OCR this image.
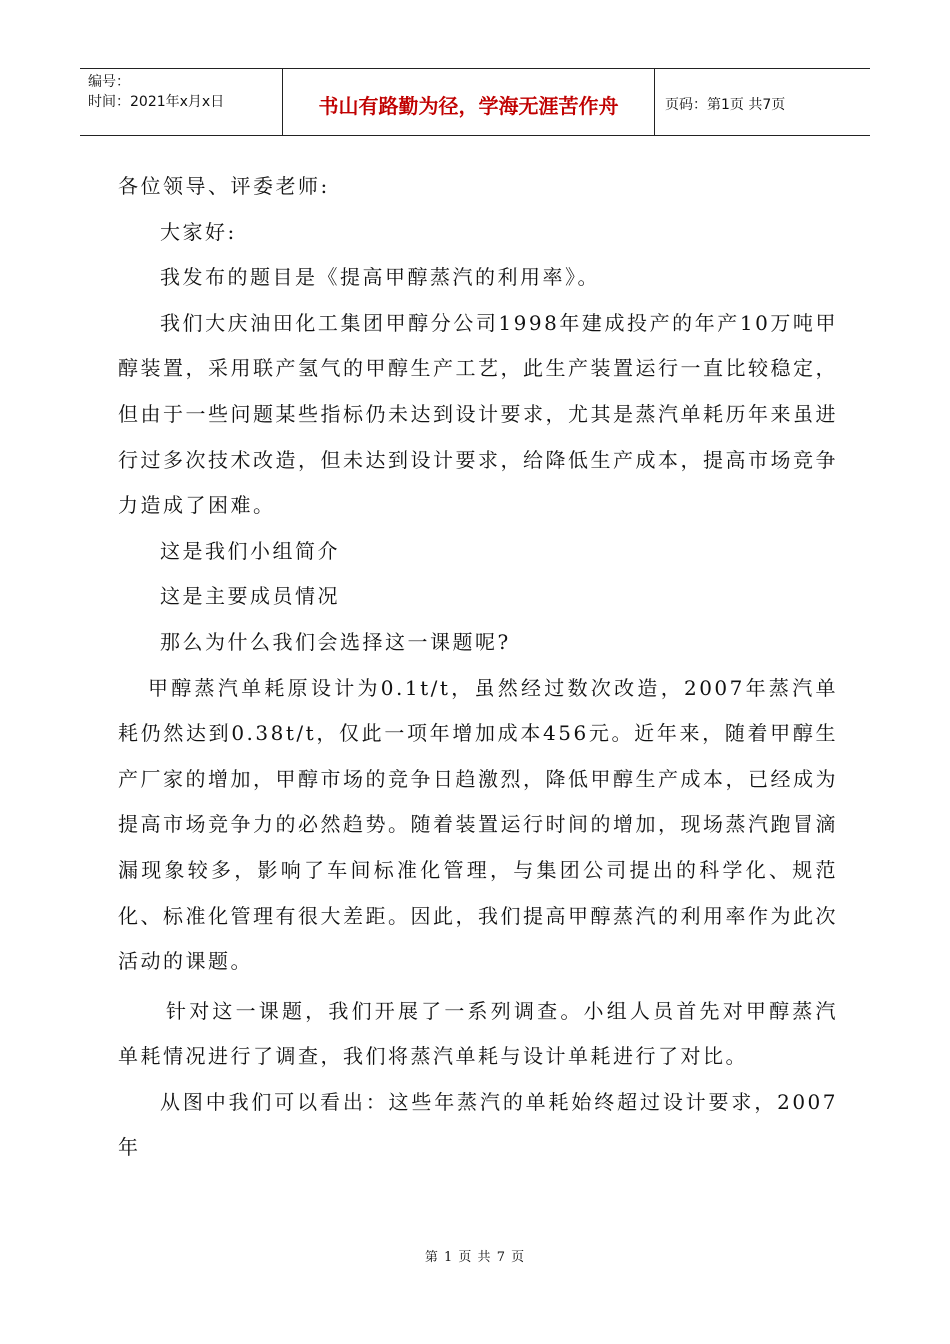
编号：
时间：2021年x月x日	书山有路勤为径，学海无涯苦作舟	页码：第1页 共7页

各位领导、评委老师:

大家好:

我发布的题目是《提高甲醇蒸汽的利用率》。

我们大庆油田化工集团甲醇分公司1998年建成投产的年产10万吨甲醇装置，采用联产氢气的甲醇生产工艺，此生产装置运行一直比较稳定，但由于一些问题某些指标仍未达到设计要求，尤其是蒸汽单耗历年来虽进行过多次技术改造，但未达到设计要求，给降低生产成本，提高市场竞争力造成了困难。

这是我们小组简介

这是主要成员情况

那么为什么我们会选择这一课题呢?

甲醇蒸汽单耗原设计为0.1t/t，虽然经过数次改造，2007年蒸汽单耗仍然达到0.38t/t，仅此一项年增加成本456元。近年来，随着甲醇生产厂家的增加，甲醇市场的竞争日趋激烈，降低甲醇生产成本，已经成为提高市场竞争力的必然趋势。随着装置运行时间的增加，现场蒸汽跑冒滴漏现象较多，影响了车间标准化管理，与集团公司提出的科学化、规范化、标准化管理有很大差距。因此，我们提高甲醇蒸汽的利用率作为此次活动的课题。

针对这一课题，我们开展了一系列调查。小组人员首先对甲醇蒸汽单耗情况进行了调查，我们将蒸汽单耗与设计单耗进行了对比。

从图中我们可以看出：这些年蒸汽的单耗始终超过设计要求，2007年

第 1 页 共 7 页
